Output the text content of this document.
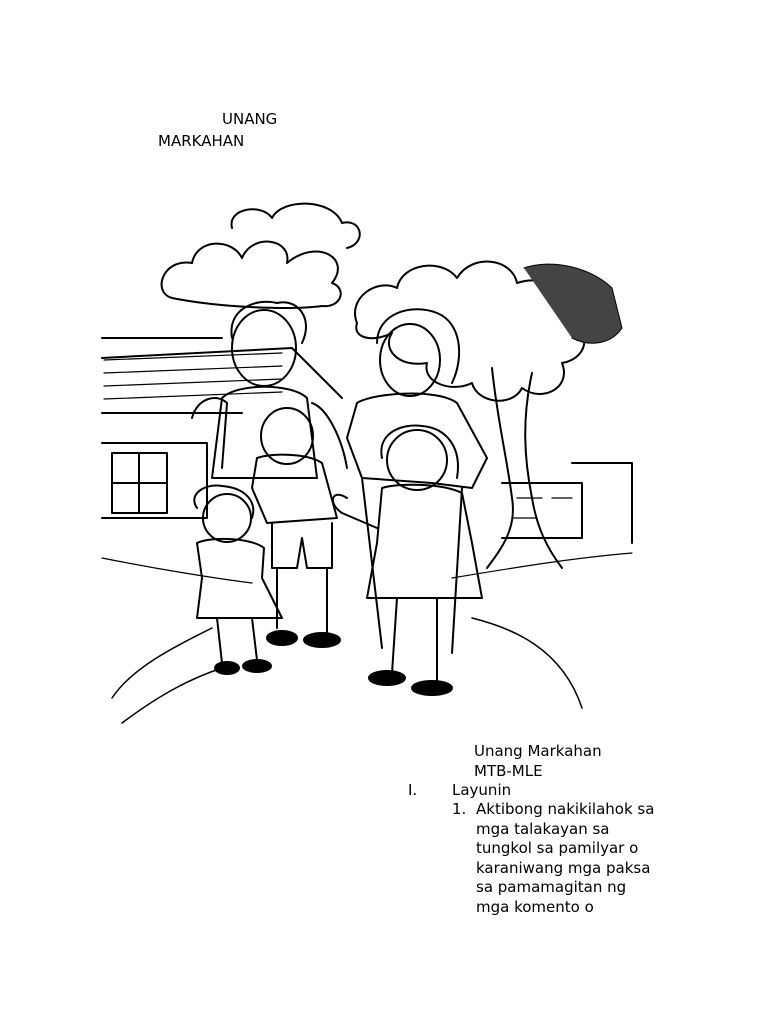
UNANG
MARKAHAN
Unang Markahan
MTB-MLE
I. Layunin
1. Aktibong nakikilahok sa
mga talakayan sa
tungkol sa pamilyar o
karaniwang mga paksa
sa pamamagitan ng
mga komento o
